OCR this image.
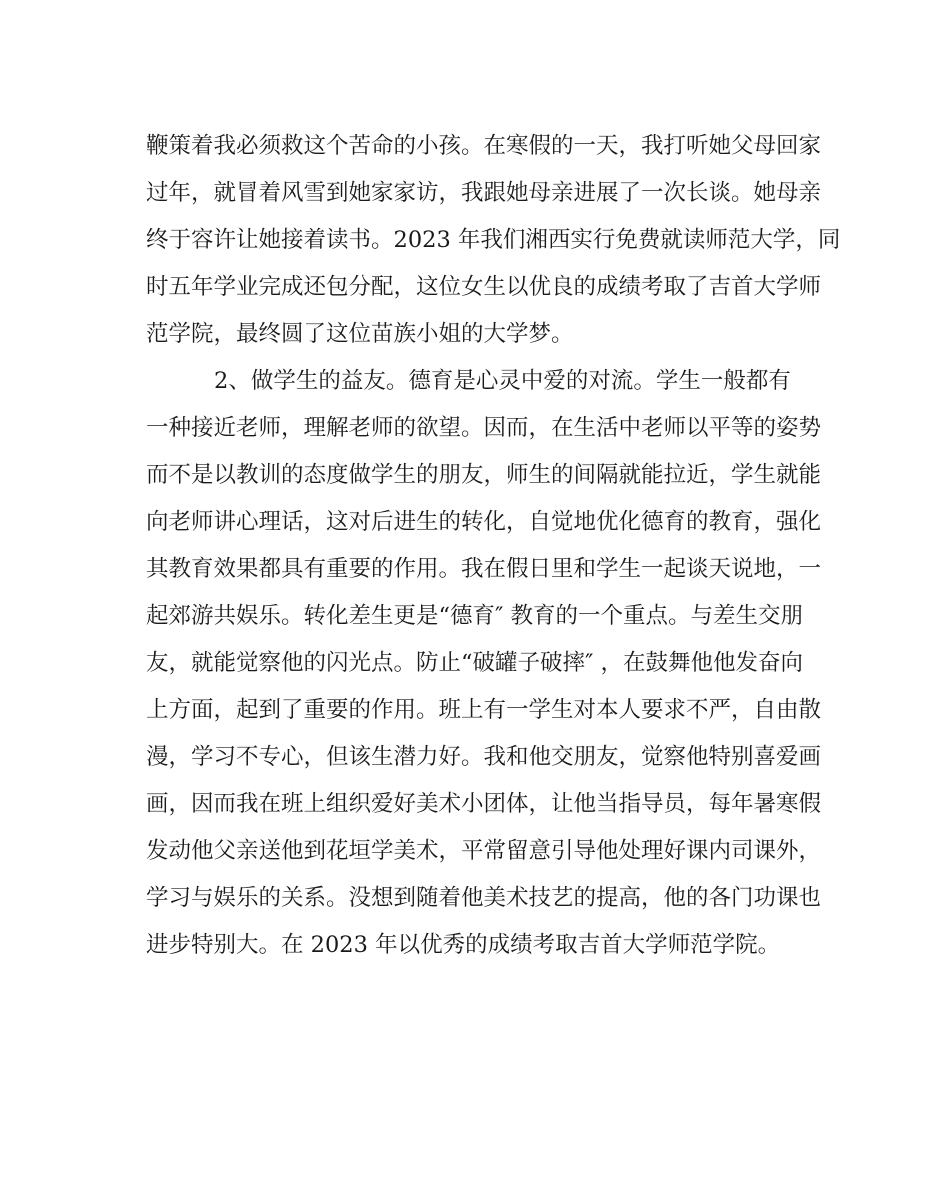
鞭策着我必须救这个苦命的小孩。在寒假的一天，我打听她父母回家
过年，就冒着风雪到她家家访，我跟她母亲进展了一次长谈。她母亲
终于容许让她接着读书。2023 年我们湘西实行免费就读师范大学，同
时五年学业完成还包分配，这位女生以优良的成绩考取了吉首大学师
范学院，最终圆了这位苗族小姐的大学梦。
2、做学生的益友。德育是心灵中爱的对流。学生一般都有
一种接近老师，理解老师的欲望。因而，在生活中老师以平等的姿势
而不是以教训的态度做学生的朋友，师生的间隔就能拉近，学生就能
向老师讲心理话，这对后进生的转化，自觉地优化德育的教育，强化
其教育效果都具有重要的作用。我在假日里和学生一起谈天说地，一
起郊游共娱乐。转化差生更是“德育″ 教育的一个重点。与差生交朋
友，就能觉察他的闪光点。防止“破罐子破摔″ ，在鼓舞他他发奋向
上方面，起到了重要的作用。班上有一学生对本人要求不严，自由散
漫，学习不专心，但该生潜力好。我和他交朋友，觉察他特别喜爱画
画，因而我在班上组织爱好美术小团体，让他当指导员，每年暑寒假
发动他父亲送他到花垣学美术，平常留意引导他处理好课内司课外，
学习与娱乐的关系。没想到随着他美术技艺的提高，他的各门功课也
进步特别大。在 2023 年以优秀的成绩考取吉首大学师范学院。
